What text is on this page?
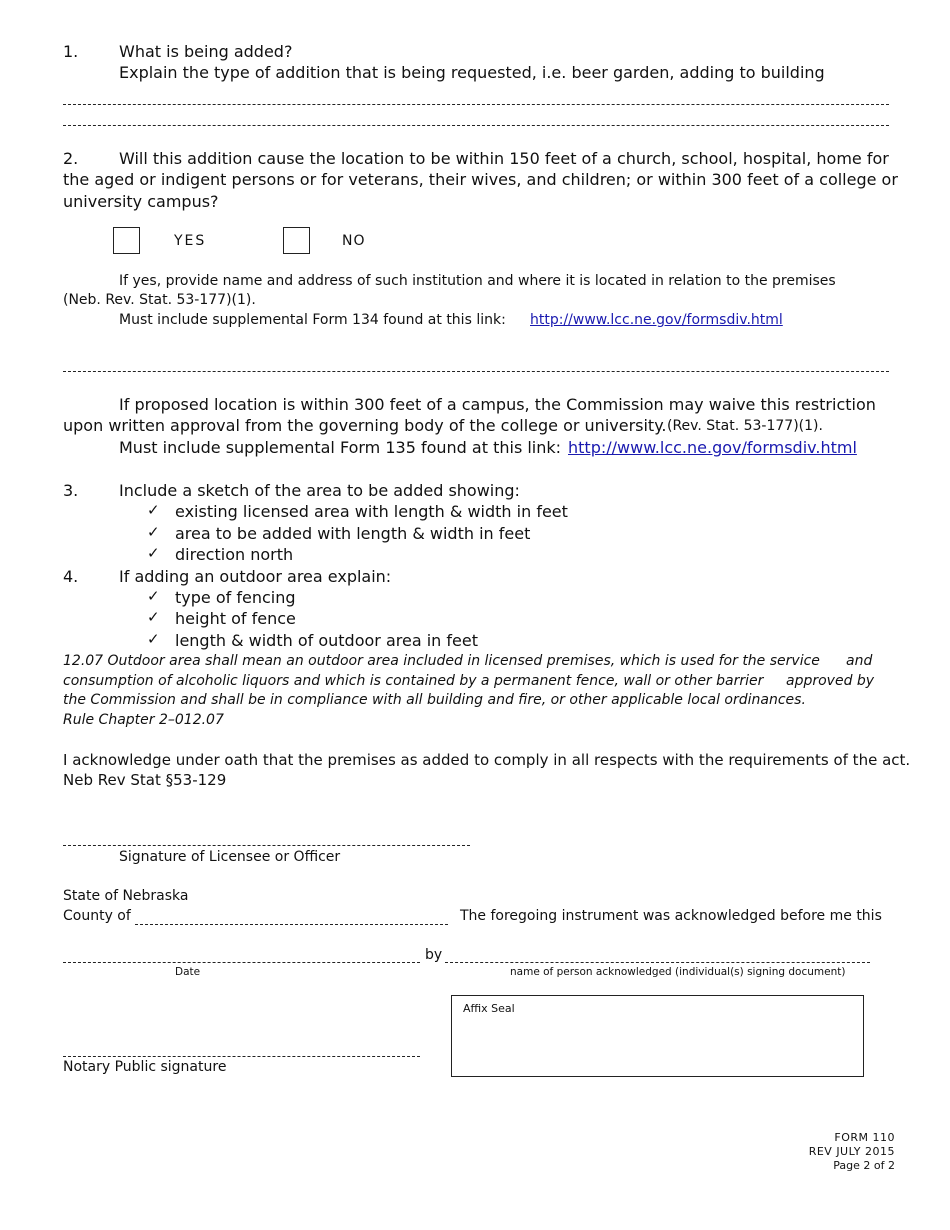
1.	What is being added?
Explain the type of addition that is being requested, i.e. beer garden, adding to building
2.	Will this addition cause the location to be within 150 feet of a church, school, hospital, home for
the aged or indigent persons or for veterans, their wives, and children; or within 300 feet of a college or
university campus?
YES	NO
If yes, provide name and address of such institution and where it is located in relation to the premises
(Neb. Rev. Stat. 53-177)(1).
Must include supplemental Form 134 found at this link: http://www.lcc.ne.gov/formsdiv.html
If proposed location is within 300 feet of a campus, the Commission may waive this restriction
upon written approval from the governing body of the college or university. (Rev. Stat. 53-177)(1).
Must include supplemental Form 135 found at this link: http://www.lcc.ne.gov/formsdiv.html
3.	Include a sketch of the area to be added showing:
✓ existing licensed area with length & width in feet
✓ area to be added with length & width in feet
✓ direction north
4.	If adding an outdoor area explain:
✓ type of fencing
✓ height of fence
✓ length & width of outdoor area in feet
12.07 Outdoor area shall mean an outdoor area included in licensed premises, which is used for the service and
consumption of alcoholic liquors and which is contained by a permanent fence, wall or other barrier approved by
the Commission and shall be in compliance with all building and fire, or other applicable local ordinances.
Rule Chapter 2–012.07
I acknowledge under oath that the premises as added to comply in all respects with the requirements of the act.
Neb Rev Stat §53-129
Signature of Licensee or Officer
State of Nebraska
County of	The foregoing instrument was acknowledged before me this
by
Date	name of person acknowledged (individual(s) signing document)
Affix Seal
Notary Public signature
FORM 110
REV JULY 2015
Page 2 of 2
